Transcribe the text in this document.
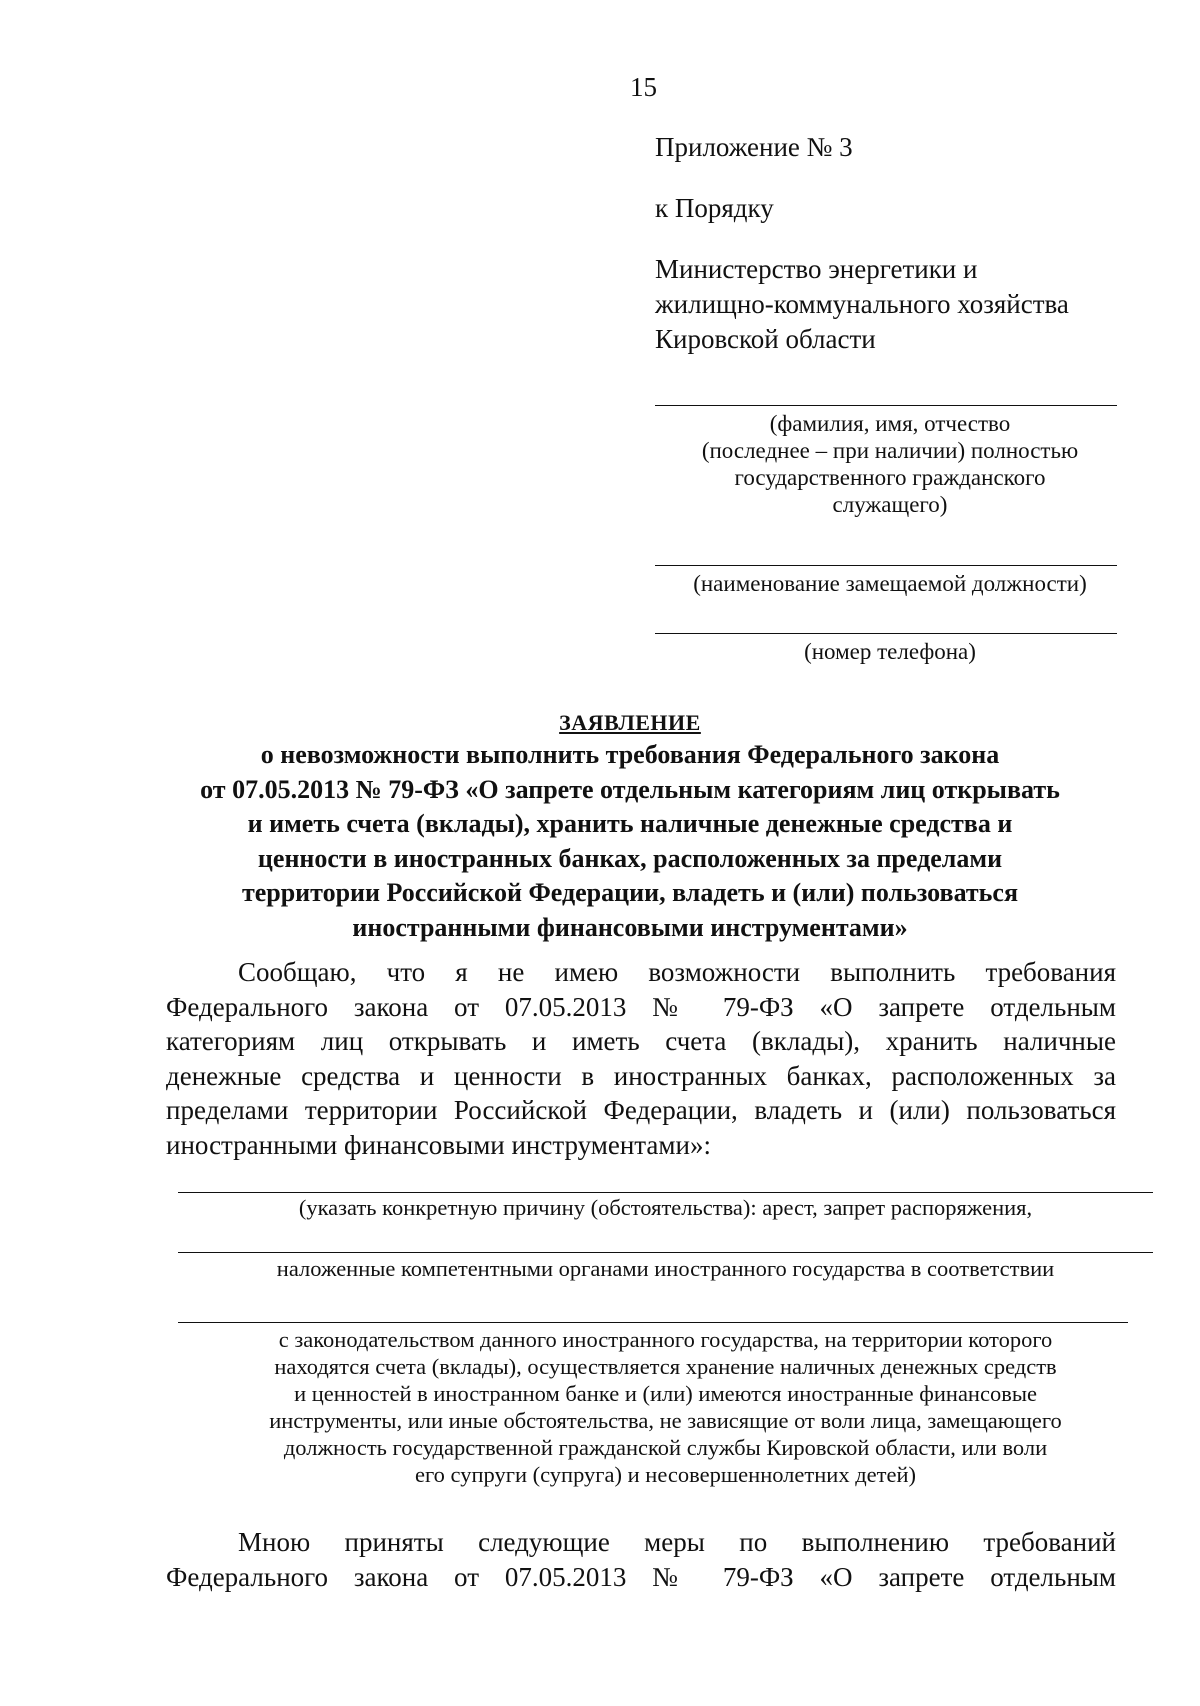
15
Приложение № 3
к Порядку
Министерство энергетики и
жилищно-коммунального хозяйства
Кировской области
(фамилия, имя, отчество
(последнее – при наличии) полностью
государственного гражданского
служащего)
(наименование замещаемой должности)
(номер телефона)
ЗАЯВЛЕНИЕ
о невозможности выполнить требования Федерального закона
от 07.05.2013 № 79-ФЗ «О запрете отдельным категориям лиц открывать
и иметь счета (вклады), хранить наличные денежные средства и
ценности в иностранных банках, расположенных за пределами
территории Российской Федерации, владеть и (или) пользоваться
иностранными финансовыми инструментами»
Сообщаю, что я не имею возможности выполнить требования
Федерального закона от 07.05.2013 № 79-ФЗ «О запрете отдельным
категориям лиц открывать и иметь счета (вклады), хранить наличные
денежные средства и ценности в иностранных банках, расположенных за
пределами территории Российской Федерации, владеть и (или) пользоваться
иностранными финансовыми инструментами»:
(указать конкретную причину (обстоятельства): арест, запрет распоряжения,
наложенные компетентными органами иностранного государства в соответствии
с законодательством данного иностранного государства, на территории которого
находятся счета (вклады), осуществляется хранение наличных денежных средств
и ценностей в иностранном банке и (или) имеются иностранные финансовые
инструменты, или иные обстоятельства, не зависящие от воли лица, замещающего
должность государственной гражданской службы Кировской области, или воли
его супруги (супруга) и несовершеннолетних детей)
Мною приняты следующие меры по выполнению требований
Федерального закона от 07.05.2013 № 79-ФЗ «О запрете отдельным
